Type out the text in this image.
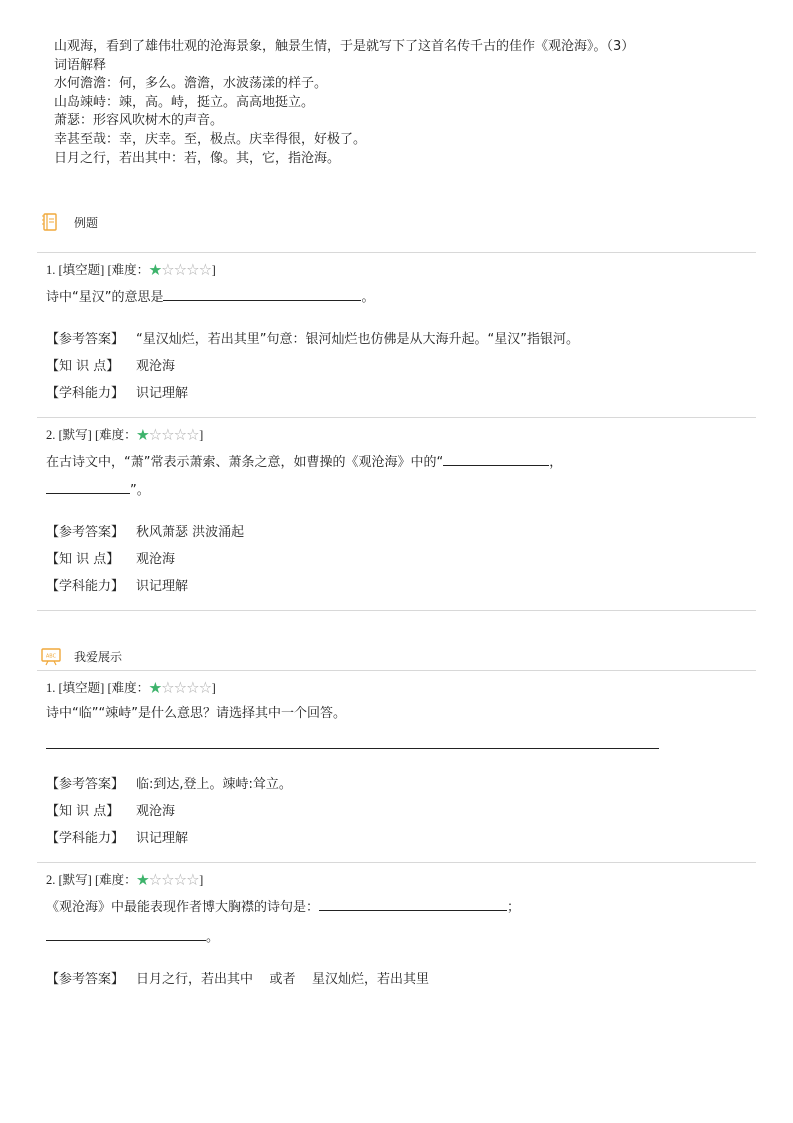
山观海，看到了雄伟壮观的沧海景象，触景生情，于是就写下了这首名传千古的佳作《观沧海》。（3）
词语解释
水何澹澹：何，多么。澹澹，水波荡漾的样子。
山岛竦峙：竦，高。峙，挺立。高高地挺立。
萧瑟：形容风吹树木的声音。
幸甚至哉：幸，庆幸。至，极点。庆幸得很，好极了。
日月之行，若出其中：若，像。其，它，指沧海。
例题
1. [填空题] [难度：★☆☆☆☆]
诗中“星汉”的意思是	。
【参考答案】 “星汉灿烂，若出其里”句意：银河灿烂也仿佛是从大海升起。“星汉”指银河。
【知 识 点】 观沧海
【学科能力】 识记理解
2. [默写] [难度：★☆☆☆☆]
在古诗文中，“萧”常表示萧索、萧条之意，如曹操的《观沧海》中的“	，
”。
【参考答案】 秋风萧瑟 洪波涌起
【知 识 点】 观沧海
【学科能力】 识记理解
ABC 我爱展示
1. [填空题] [难度：★☆☆☆☆]
诗中“临”“竦峙”是什么意思？请选择其中一个回答。
【参考答案】 临:到达,登上。竦峙:耸立。
【知 识 点】 观沧海
【学科能力】 识记理解
2. [默写] [难度：★☆☆☆☆]
《观沧海》中最能表现作者博大胸襟的诗句是：	；
。
【参考答案】 日月之行，若出其中    或者    星汉灿烂，若出其里
